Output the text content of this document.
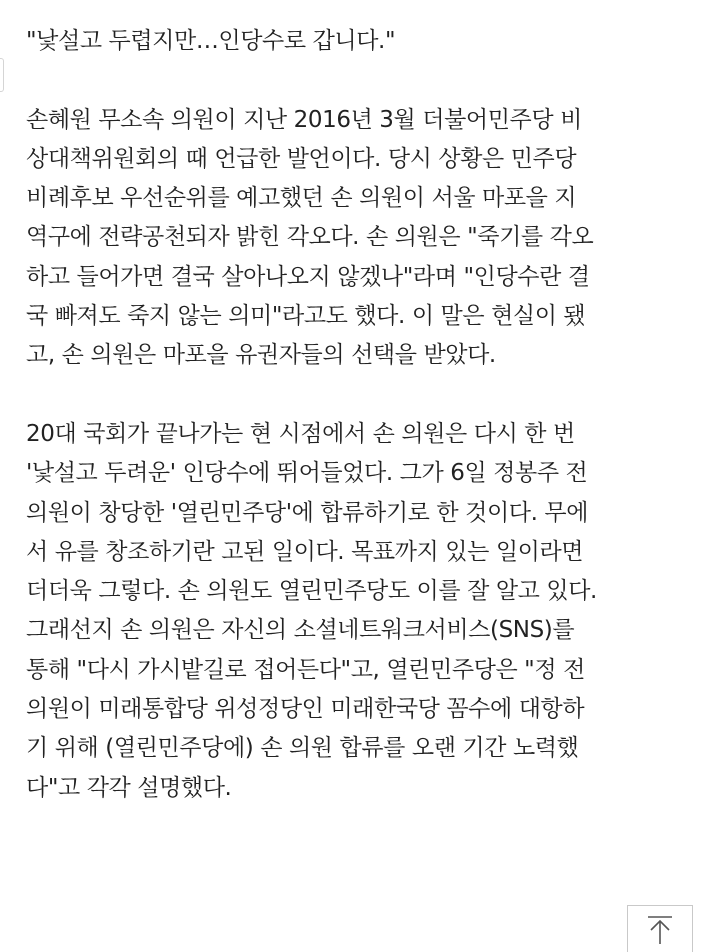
"낯설고 두렵지만…인당수로 갑니다."

손혜원 무소속 의원이 지난 2016년 3월 더불어민주당 비
상대책위원회의 때 언급한 발언이다. 당시 상황은 민주당
비례후보 우선순위를 예고했던 손 의원이 서울 마포을 지
역구에 전략공천되자 밝힌 각오다. 손 의원은 "죽기를 각오
하고 들어가면 결국 살아나오지 않겠나"라며 "인당수란 결
국 빠져도 죽지 않는 의미"라고도 했다. 이 말은 현실이 됐
고, 손 의원은 마포을 유권자들의 선택을 받았다.

20대 국회가 끝나가는 현 시점에서 손 의원은 다시 한 번
'낯설고 두려운' 인당수에 뛰어들었다. 그가 6일 정봉주 전
의원이 창당한 '열린민주당'에 합류하기로 한 것이다. 무에
서 유를 창조하기란 고된 일이다. 목표까지 있는 일이라면
더더욱 그렇다. 손 의원도 열린민주당도 이를 잘 알고 있다.
그래선지 손 의원은 자신의 소셜네트워크서비스(SNS)를
통해 "다시 가시밭길로 접어든다"고, 열린민주당은 "정 전
의원이 미래통합당 위성정당인 미래한국당 꼼수에 대항하
기 위해 (열린민주당에) 손 의원 합류를 오랜 기간 노력했
다"고 각각 설명했다.
